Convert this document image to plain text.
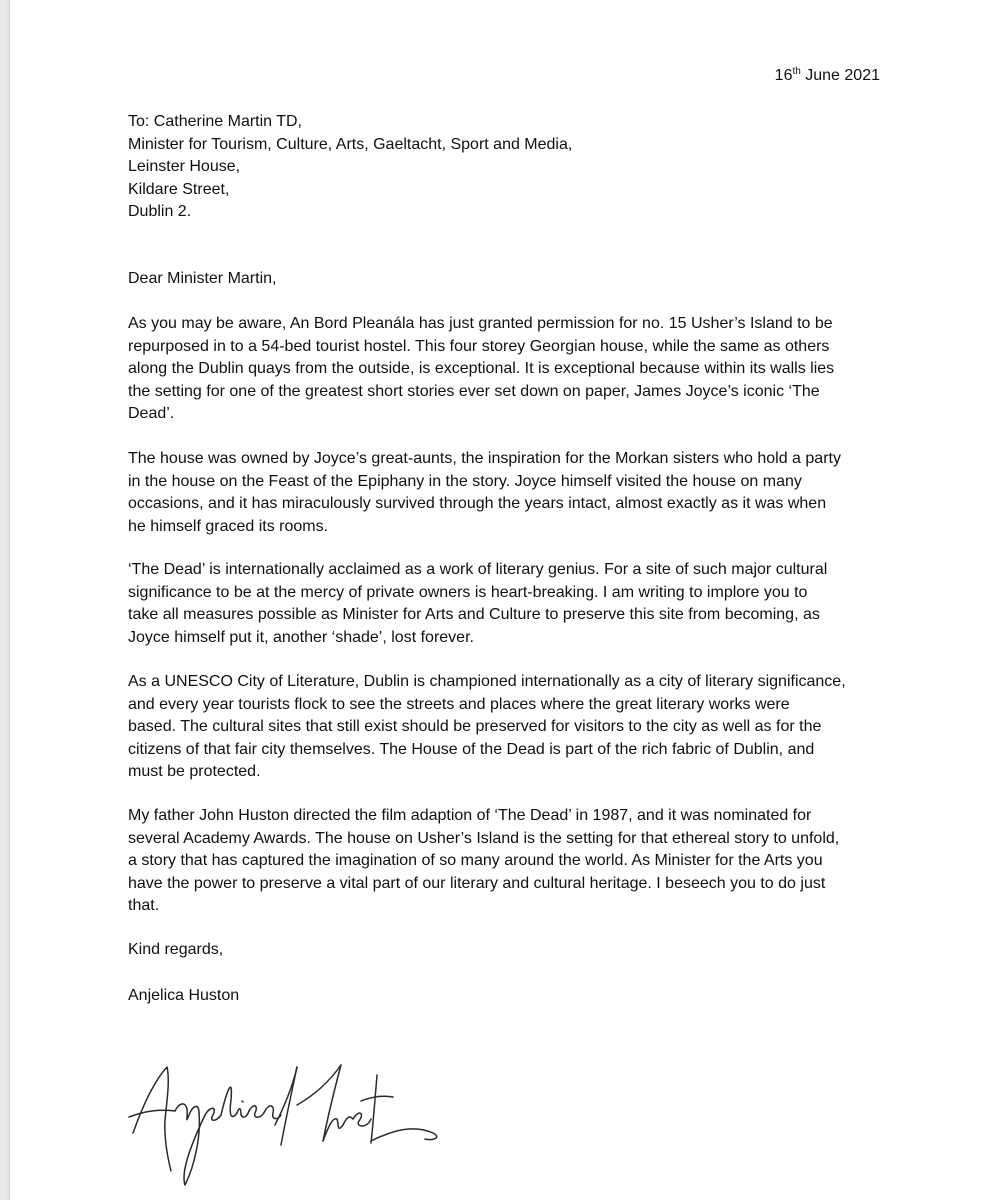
16th June 2021
To: Catherine Martin TD,
Minister for Tourism, Culture, Arts, Gaeltacht, Sport and Media,
Leinster House,
Kildare Street,
Dublin 2.
Dear Minister Martin,

As you may be aware, An Bord Pleanála has just granted permission for no. 15 Usher’s Island to be
repurposed in to a 54-bed tourist hostel. This four storey Georgian house, while the same as others
along the Dublin quays from the outside, is exceptional. It is exceptional because within its walls lies
the setting for one of the greatest short stories ever set down on paper, James Joyce’s iconic ‘The
Dead’.

The house was owned by Joyce’s great-aunts, the inspiration for the Morkan sisters who hold a party
in the house on the Feast of the Epiphany in the story. Joyce himself visited the house on many
occasions, and it has miraculously survived through the years intact, almost exactly as it was when
he himself graced its rooms.

‘The Dead’ is internationally acclaimed as a work of literary genius. For a site of such major cultural
significance to be at the mercy of private owners is heart-breaking. I am writing to implore you to
take all measures possible as Minister for Arts and Culture to preserve this site from becoming, as
Joyce himself put it, another ‘shade’, lost forever.

As a UNESCO City of Literature, Dublin is championed internationally as a city of literary significance,
and every year tourists flock to see the streets and places where the great literary works were
based. The cultural sites that still exist should be preserved for visitors to the city as well as for the
citizens of that fair city themselves. The House of the Dead is part of the rich fabric of Dublin, and
must be protected.

My father John Huston directed the film adaption of ‘The Dead’ in 1987, and it was nominated for
several Academy Awards. The house on Usher’s Island is the setting for that ethereal story to unfold,
a story that has captured the imagination of so many around the world. As Minister for the Arts you
have the power to preserve a vital part of our literary and cultural heritage. I beseech you to do just
that.

Kind regards,
Anjelica Huston
